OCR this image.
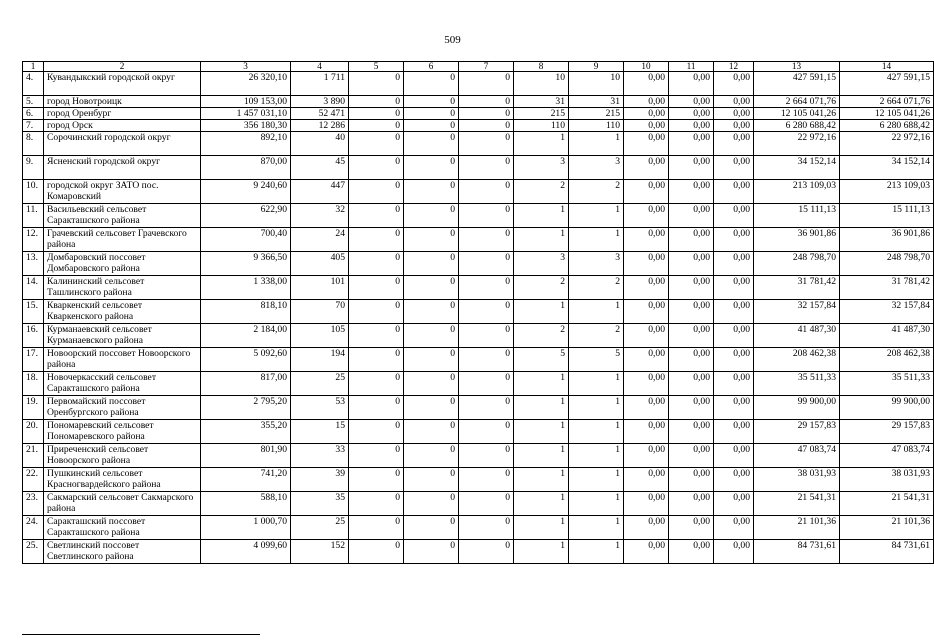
509
1	2	3	4	5	6	7	8	9	10	11	12	13	14
4.	Кувандыкский городской округ	26 320,10	1 711	0	0	0	10	10	0,00	0,00	0,00	427 591,15	427 591,15
5.	город Новотроицк	109 153,00	3 890	0	0	0	31	31	0,00	0,00	0,00	2 664 071,76	2 664 071,76
6.	город Оренбург	1 457 031,10	52 471	0	0	0	215	215	0,00	0,00	0,00	12 105 041,26	12 105 041,26
7.	город Орск	356 180,30	12 286	0	0	0	110	110	0,00	0,00	0,00	6 280 688,42	6 280 688,42
8.	Сорочинский городской округ	892,10	40	0	0	0	1	1	0,00	0,00	0,00	22 972,16	22 972,16
9.	Ясненский городской округ	870,00	45	0	0	0	3	3	0,00	0,00	0,00	34 152,14	34 152,14
10.	городской округ ЗАТО пос. Комаровский	9 240,60	447	0	0	0	2	2	0,00	0,00	0,00	213 109,03	213 109,03
11.	Васильевский сельсовет Саракташского района	622,90	32	0	0	0	1	1	0,00	0,00	0,00	15 111,13	15 111,13
12.	Грачевский сельсовет Грачевского района	700,40	24	0	0	0	1	1	0,00	0,00	0,00	36 901,86	36 901,86
13.	Домбаровский поссовет Домбаровского района	9 366,50	405	0	0	0	3	3	0,00	0,00	0,00	248 798,70	248 798,70
14.	Калининский сельсовет Ташлинского района	1 338,00	101	0	0	0	2	2	0,00	0,00	0,00	31 781,42	31 781,42
15.	Кваркенский сельсовет Кваркенского района	818,10	70	0	0	0	1	1	0,00	0,00	0,00	32 157,84	32 157,84
16.	Курманаевский сельсовет Курманаевского района	2 184,00	105	0	0	0	2	2	0,00	0,00	0,00	41 487,30	41 487,30
17.	Новоорский поссовет Новоорского района	5 092,60	194	0	0	0	5	5	0,00	0,00	0,00	208 462,38	208 462,38
18.	Новочеркасский сельсовет Саракташского района	817,00	25	0	0	0	1	1	0,00	0,00	0,00	35 511,33	35 511,33
19.	Первомайский поссовет Оренбургского района	2 795,20	53	0	0	0	1	1	0,00	0,00	0,00	99 900,00	99 900,00
20.	Пономаревский сельсовет Пономаревского района	355,20	15	0	0	0	1	1	0,00	0,00	0,00	29 157,83	29 157,83
21.	Приреченский сельсовет Новоорского района	801,90	33	0	0	0	1	1	0,00	0,00	0,00	47 083,74	47 083,74
22.	Пушкинский сельсовет Красногвардейского района	741,20	39	0	0	0	1	1	0,00	0,00	0,00	38 031,93	38 031,93
23.	Сакмарский сельсовет Сакмарского района	588,10	35	0	0	0	1	1	0,00	0,00	0,00	21 541,31	21 541,31
24.	Саракташский поссовет Саракташского района	1 000,70	25	0	0	0	1	1	0,00	0,00	0,00	21 101,36	21 101,36
25.	Светлинский поссовет Светлинского района	4 099,60	152	0	0	0	1	1	0,00	0,00	0,00	84 731,61	84 731,61
